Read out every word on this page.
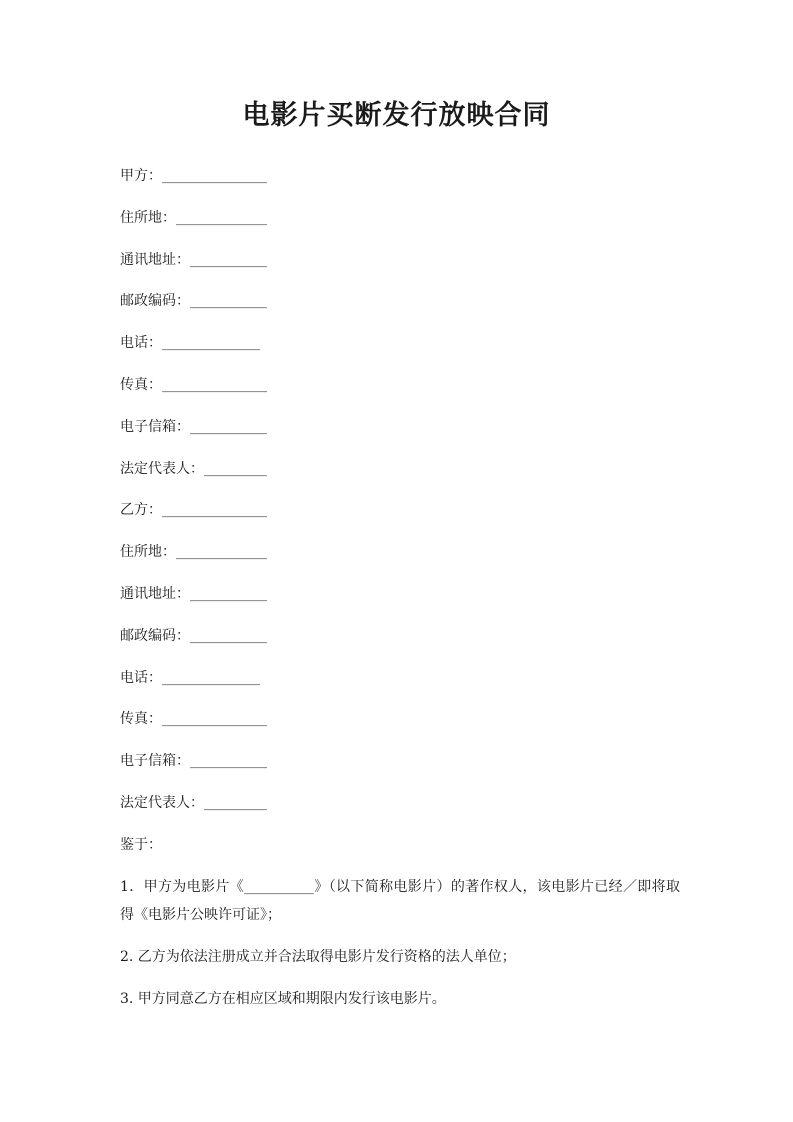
电影片买断发行放映合同
甲方：_______________
住所地：_____________
通讯地址：___________
邮政编码：___________
电话：______________
传真：_______________
电子信箱：___________
法定代表人：_________
乙方：_______________
住所地：_____________
通讯地址：___________
邮政编码：___________
电话：______________
传真：_______________
电子信箱：___________
法定代表人：_________
鉴于：

1．甲方为电影片《__________》（以下简称电影片）的著作权人，该电影片已经／即将取得《电影片公映许可证》；

2. 乙方为依法注册成立并合法取得电影片发行资格的法人单位；

3. 甲方同意乙方在相应区域和期限内发行该电影片。
